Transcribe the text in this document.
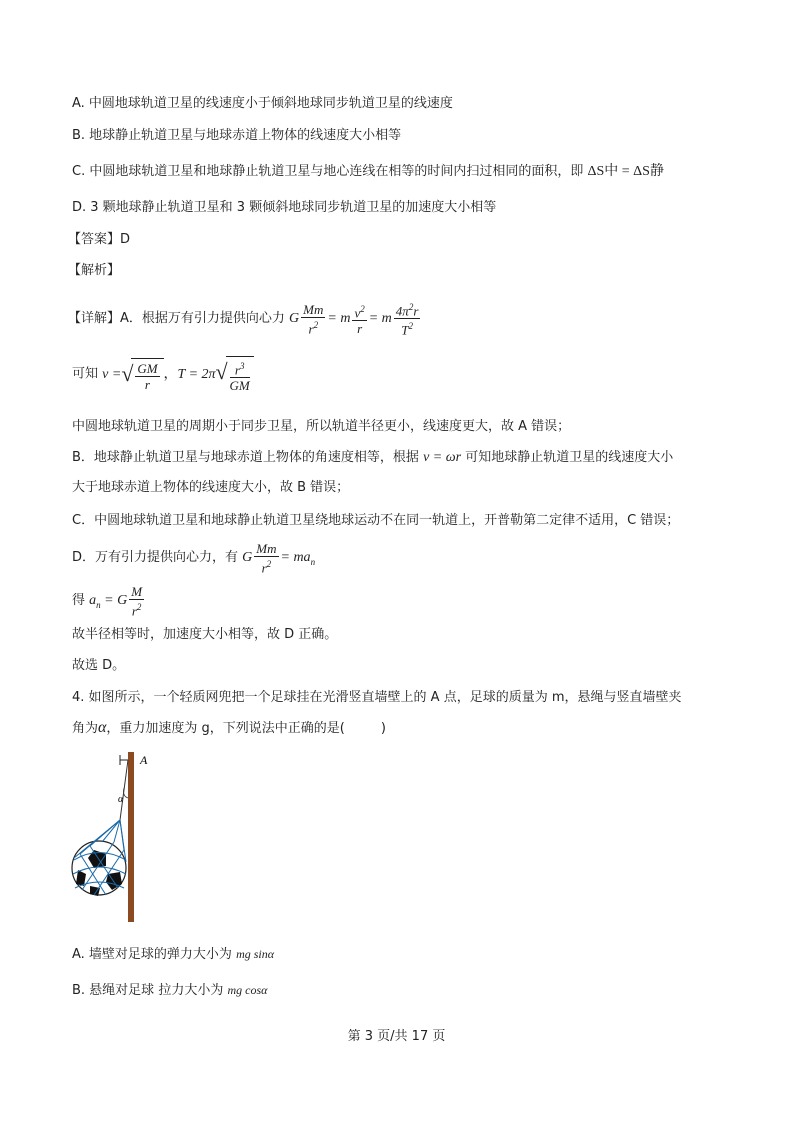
A. 中圆地球轨道卫星的线速度小于倾斜地球同步轨道卫星的线速度
B. 地球静止轨道卫星与地球赤道上物体的线速度大小相等
C. 中圆地球轨道卫星和地球静止轨道卫星与地心连线在相等的时间内扫过相同的面积，即 ΔS中 = ΔS静
D. 3 颗地球静止轨道卫星和 3 颗倾斜地球同步轨道卫星的加速度大小相等
【答案】D
【解析】
【详解】A．根据万有引力提供向心力 G $\frac{Mm}{r^2} = m \frac{v^2}{r} = m \frac{4\pi^2r}{T^2}$
可知 v = √ $\frac{GM}{r}$ ，T = 2π √ $\frac{r^3}{GM}$
中圆地球轨道卫星的周期小于同步卫星，所以轨道半径更小，线速度更大，故 A 错误；
B．地球静止轨道卫星与地球赤道上物体的角速度相等，根据 v = ωr 可知地球静止轨道卫星的线速度大小
大于地球赤道上物体的线速度大小，故 B 错误；
C．中圆地球轨道卫星和地球静止轨道卫星绕地球运动不在同一轨道上，开普勒第二定律不适用，C 错误；
D．万有引力提供向心力，有 G $\frac{Mm}{r^2} = ma_n$
得 $a_n = G \frac{M}{r^2}$
故半径相等时，加速度大小相等，故 D 正确。
故选 D。
4. 如图所示，一个轻质网兜把一个足球挂在光滑竖直墙壁上的 A 点，足球的质量为 m，悬绳与竖直墙壁夹
角为α，重力加速度为 g，下列说法中正确的是(	)
A
α
A. 墙壁对足球的弹力大小为 mg sinα
B. 悬绳对足球 拉力大小为 mg cosα
第 3 页/共 17 页
